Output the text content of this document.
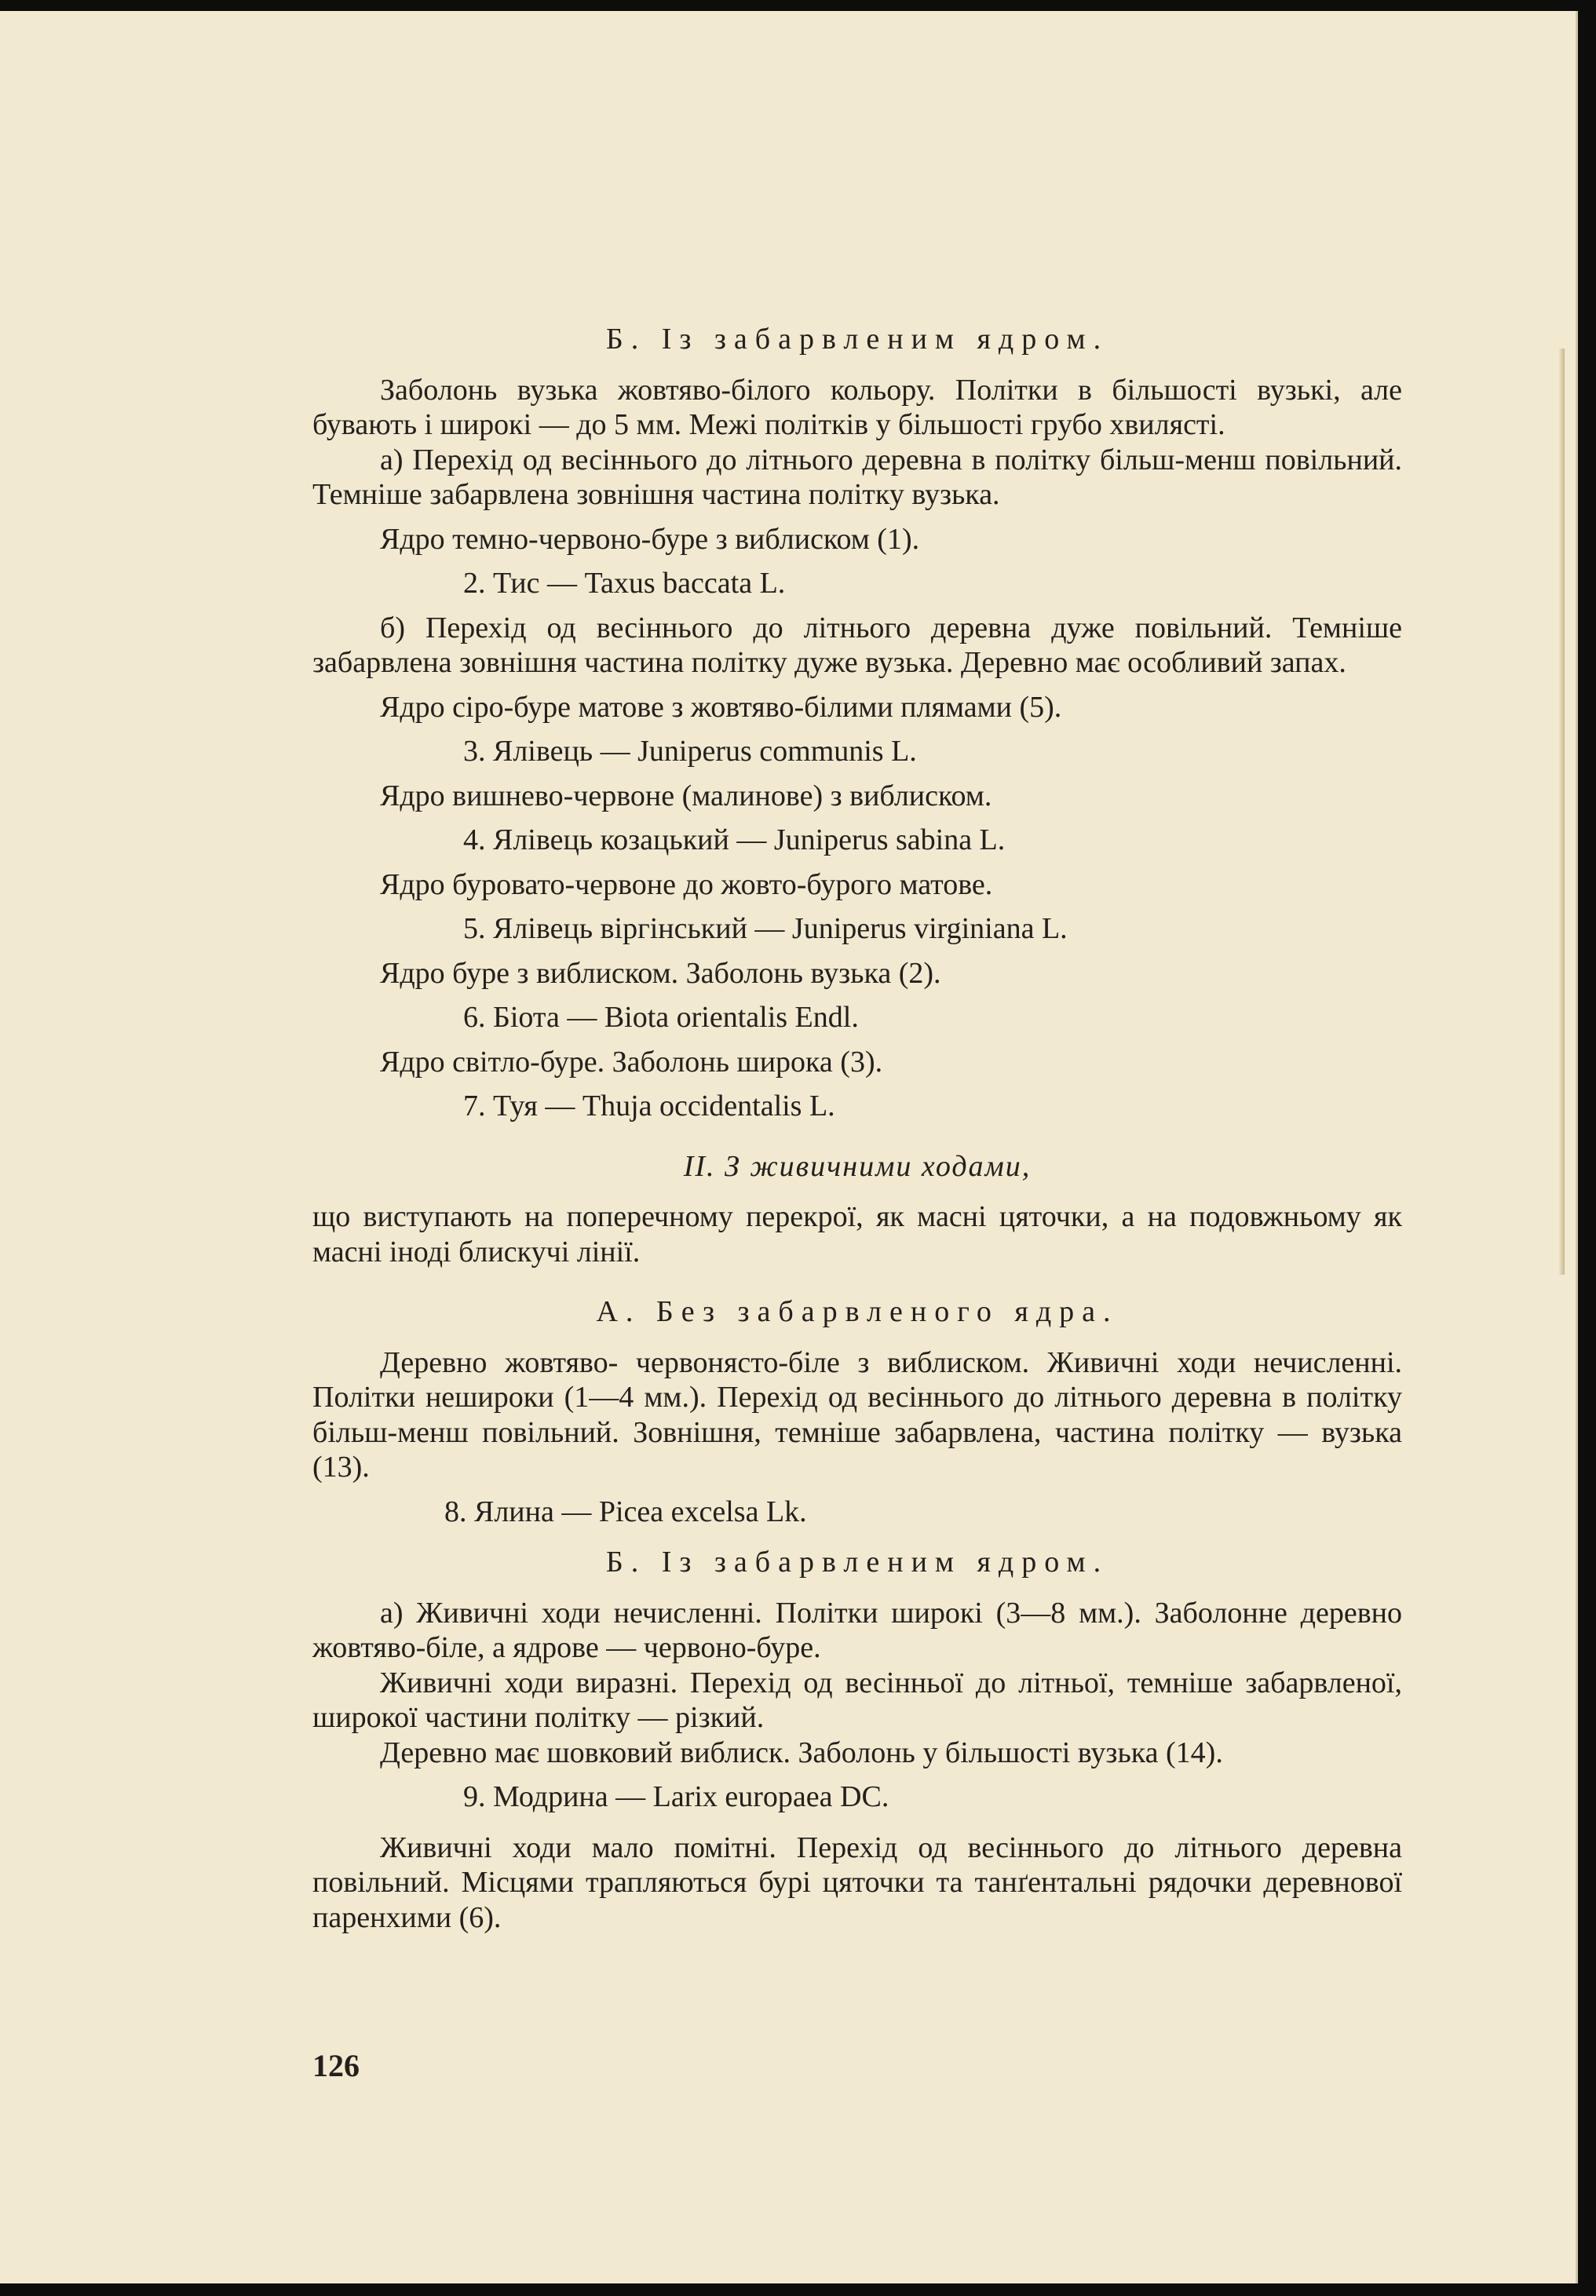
Б. Із забарвленим ядром.

Заболонь вузька жовтяво-білого кольору. Політки в більшості вузькі, але бувають і широкі — до 5 мм. Межі політків у більшості грубо хвилясті.

а) Перехід од весіннього до літнього деревна в політку більш-менш повільний. Темніше забарвлена зовнішня частина політку вузька.

Ядро темно-червоно-буре з виблиском (1).

2. Тис — Taxus baccata L.

б) Перехід од весіннього до літнього деревна дуже повільний. Темніше забарвлена зовнішня частина політку дуже вузька. Деревно має особливий запах.

Ядро сіро-буре матове з жовтяво-білими плямами (5).

3. Ялівець — Juniperus communis L.

Ядро вишнево-червоне (малинове) з виблиском.

4. Ялівець козацький — Juniperus sabina L.

Ядро буровато-червоне до жовто-бурого матове.

5. Ялівець віргінський — Juniperus virginiana L.

Ядро буре з виблиском. Заболонь вузька (2).

6. Біота — Biota orientalis Endl.

Ядро світло-буре. Заболонь широка (3).

7. Туя — Thuja occidentalis L.

II. З живичними ходами,

що виступають на поперечному перекрої, як масні цяточки, а на подовжньому як масні іноді блискучі лінії.

А. Без забарвленого ядра.

Деревно жовтяво- червонясто-біле з виблиском. Живичні ходи нечисленні. Політки нешироки (1—4 мм.). Перехід од весіннього до літнього деревна в політку більш-менш повільний. Зовнішня, темніше забарвлена, частина політку — вузька (13).

8. Ялина — Picea excelsa Lk.

Б. Із забарвленим ядром.

а) Живичні ходи нечисленні. Політки широкі (3—8 мм.). Заболонне деревно жовтяво-біле, а ядрове — червоно-буре.

Живичні ходи виразні. Перехід од весінньої до літньої, темніше забарвленої, широкої частини політку — різкий.

Деревно має шовковий виблиск. Заболонь у більшості вузька (14).

9. Модрина — Larix europaea DC.

Живичні ходи мало помітні. Перехід од весіннього до літнього деревна повільний. Місцями трапляються бурі цяточки та танґентальні рядочки деревнової паренхими (6).

126
